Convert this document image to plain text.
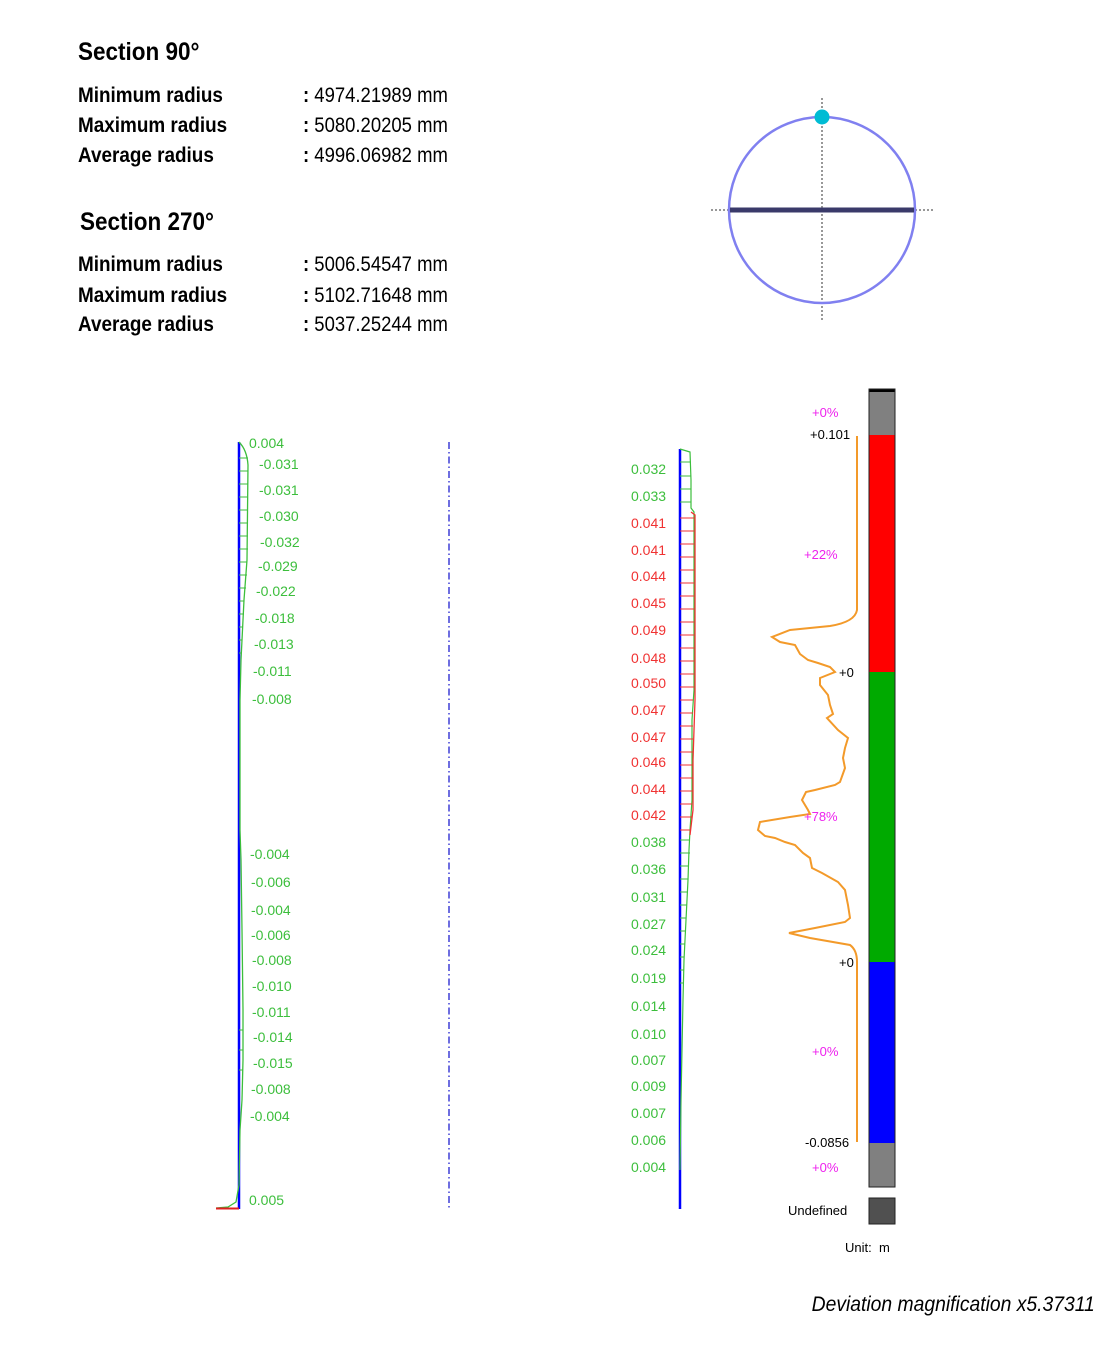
Section 90°
Minimum radius
Maximum radius
Average radius
: 4974.21989 mm
: 5080.20205 mm
: 4996.06982 mm
Section 270°
Minimum radius
Maximum radius
Average radius
: 5006.54547 mm
: 5102.71648 mm
: 5037.25244 mm
0.004
-0.031
-0.031
-0.030
-0.032
-0.029
-0.022
-0.018
-0.013
-0.011
-0.008
-0.004
-0.006
-0.004
-0.006
-0.008
-0.010
-0.011
-0.014
-0.015
-0.008
-0.004
0.005
0.032
0.033
0.041
0.041
0.044
0.045
0.049
0.048
0.050
0.047
0.047
0.046
0.044
0.042
0.038
0.036
0.031
0.027
0.024
0.019
0.014
0.010
0.007
0.009
0.007
0.006
0.004
+0%
+0.101
+22%
+0
+78%
+0
+0%
-0.0856
+0%
Undefined
Unit:  m
Deviation magnification x5.37311
